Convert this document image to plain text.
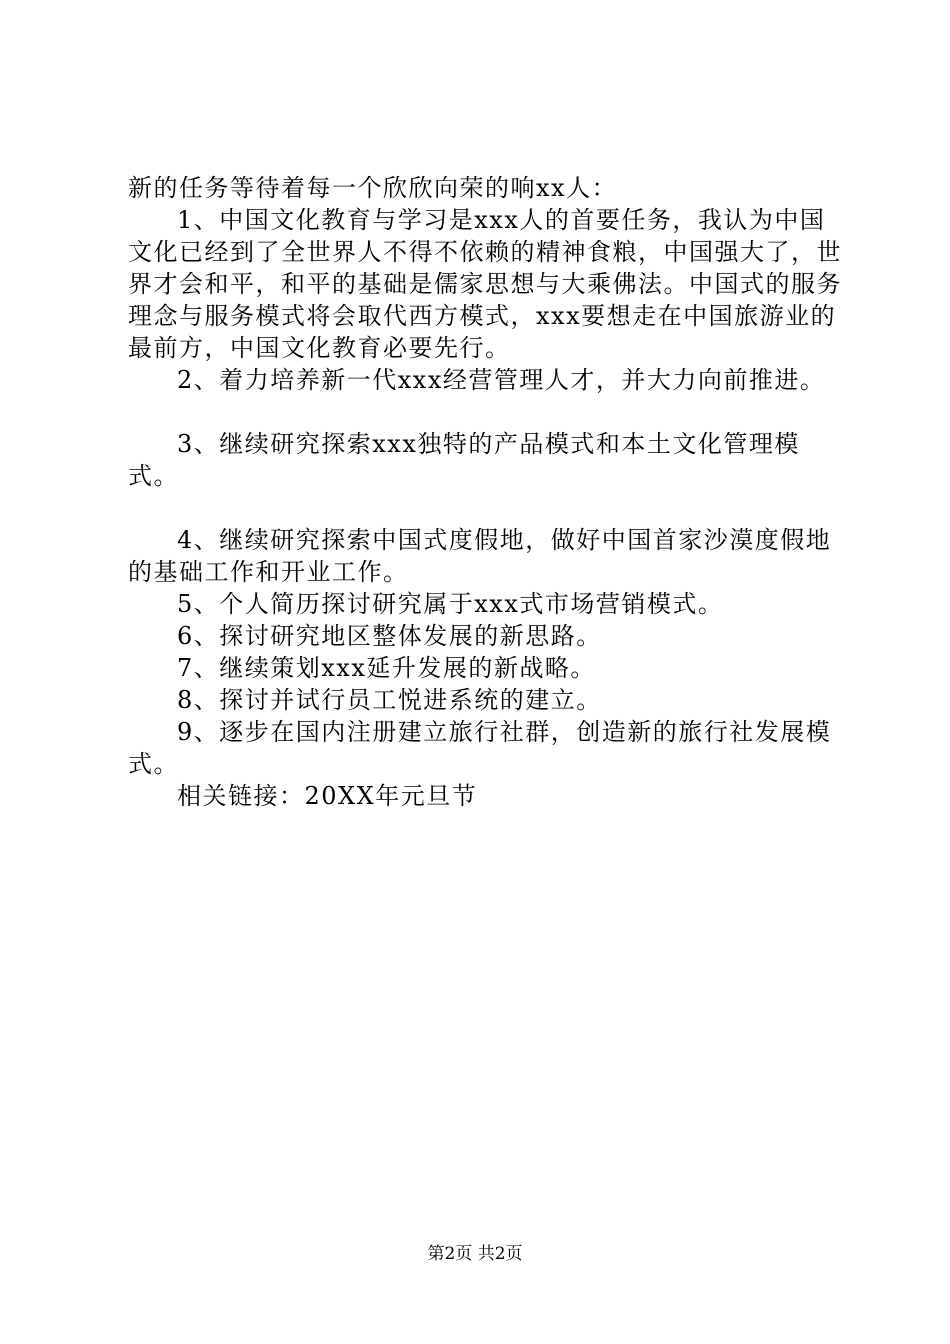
新的任务等待着每一个欣欣向荣的响xx人：

1、中国文化教育与学习是xxx人的首要任务，我认为中国文化已经到了全世界人不得不依赖的精神食粮，中国强大了，世界才会和平，和平的基础是儒家思想与大乘佛法。中国式的服务理念与服务模式将会取代西方模式，xxx要想走在中国旅游业的最前方，中国文化教育必要先行。

2、着力培养新一代xxx经营管理人才，并大力向前推进。

3、继续研究探索xxx独特的产品模式和本土文化管理模式。

4、继续研究探索中国式度假地，做好中国首家沙漠度假地的基础工作和开业工作。

5、个人简历探讨研究属于xxx式市场营销模式。

6、探讨研究地区整体发展的新思路。

7、继续策划xxx延升发展的新战略。

8、探讨并试行员工悦进系统的建立。

9、逐步在国内注册建立旅行社群，创造新的旅行社发展模式。

相关链接：20XX年元旦节

第2页 共2页
